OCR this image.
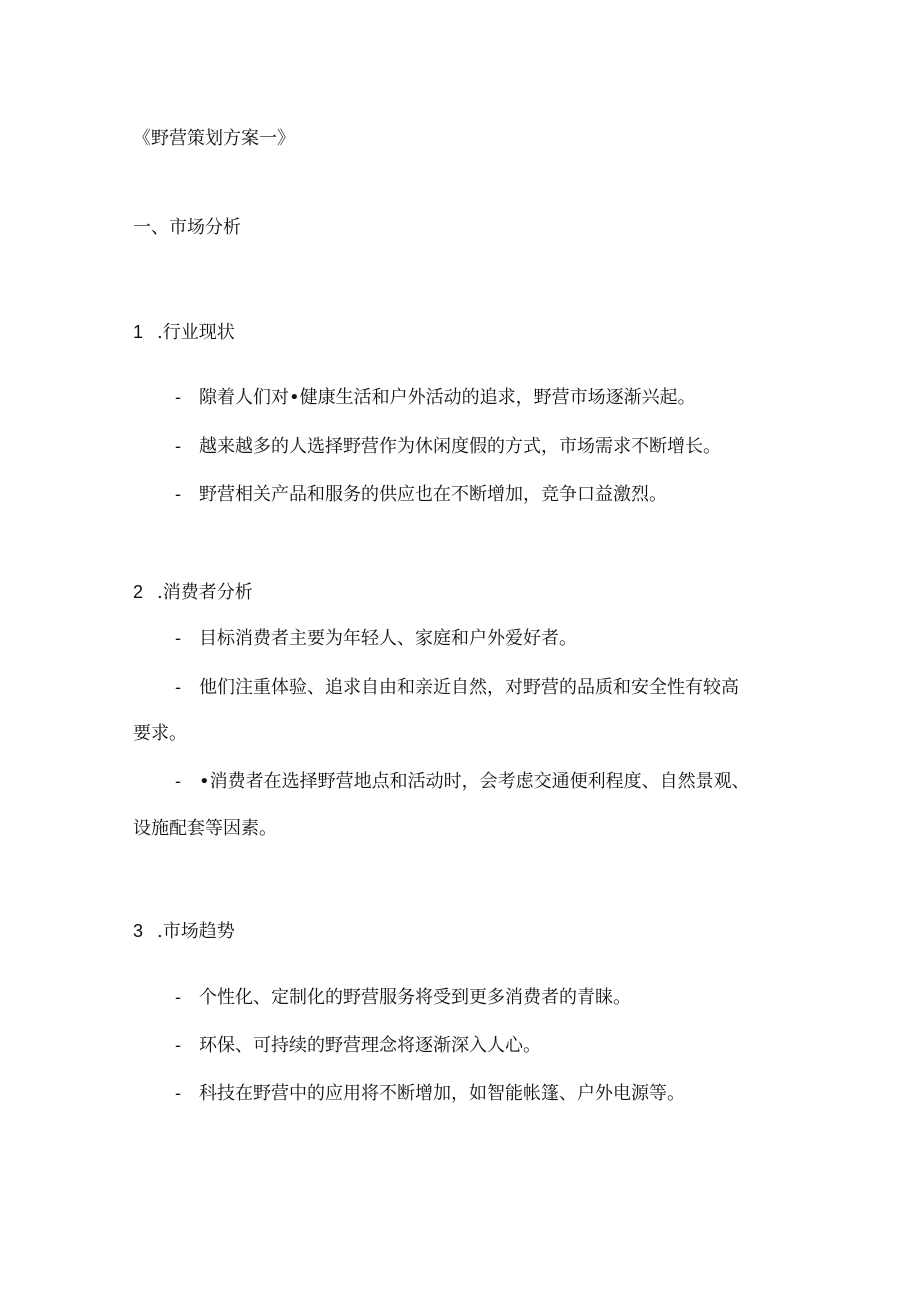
《野营策划方案一》
一、市场分析
1 .行业现状
- 隙着人们对•健康生活和户外活动的追求，野营市场逐渐兴起。
- 越来越多的人选择野营作为休闲度假的方式，市场需求不断增长。
- 野营相关产品和服务的供应也在不断增加，竞争口益激烈。
2 .消费者分析
- 目标消费者主要为年轻人、家庭和户外爱好者。
- 他们注重体验、追求自由和亲近自然，对野营的品质和安全性有较高
要求。
- •消费者在选择野营地点和活动时，会考虑交通便利程度、自然景观、
设施配套等因素。
3 .市场趋势
- 个性化、定制化的野营服务将受到更多消费者的青睐。
- 环保、可持续的野营理念将逐渐深入人心。
- 科技在野营中的应用将不断增加，如智能帐篷、户外电源等。
